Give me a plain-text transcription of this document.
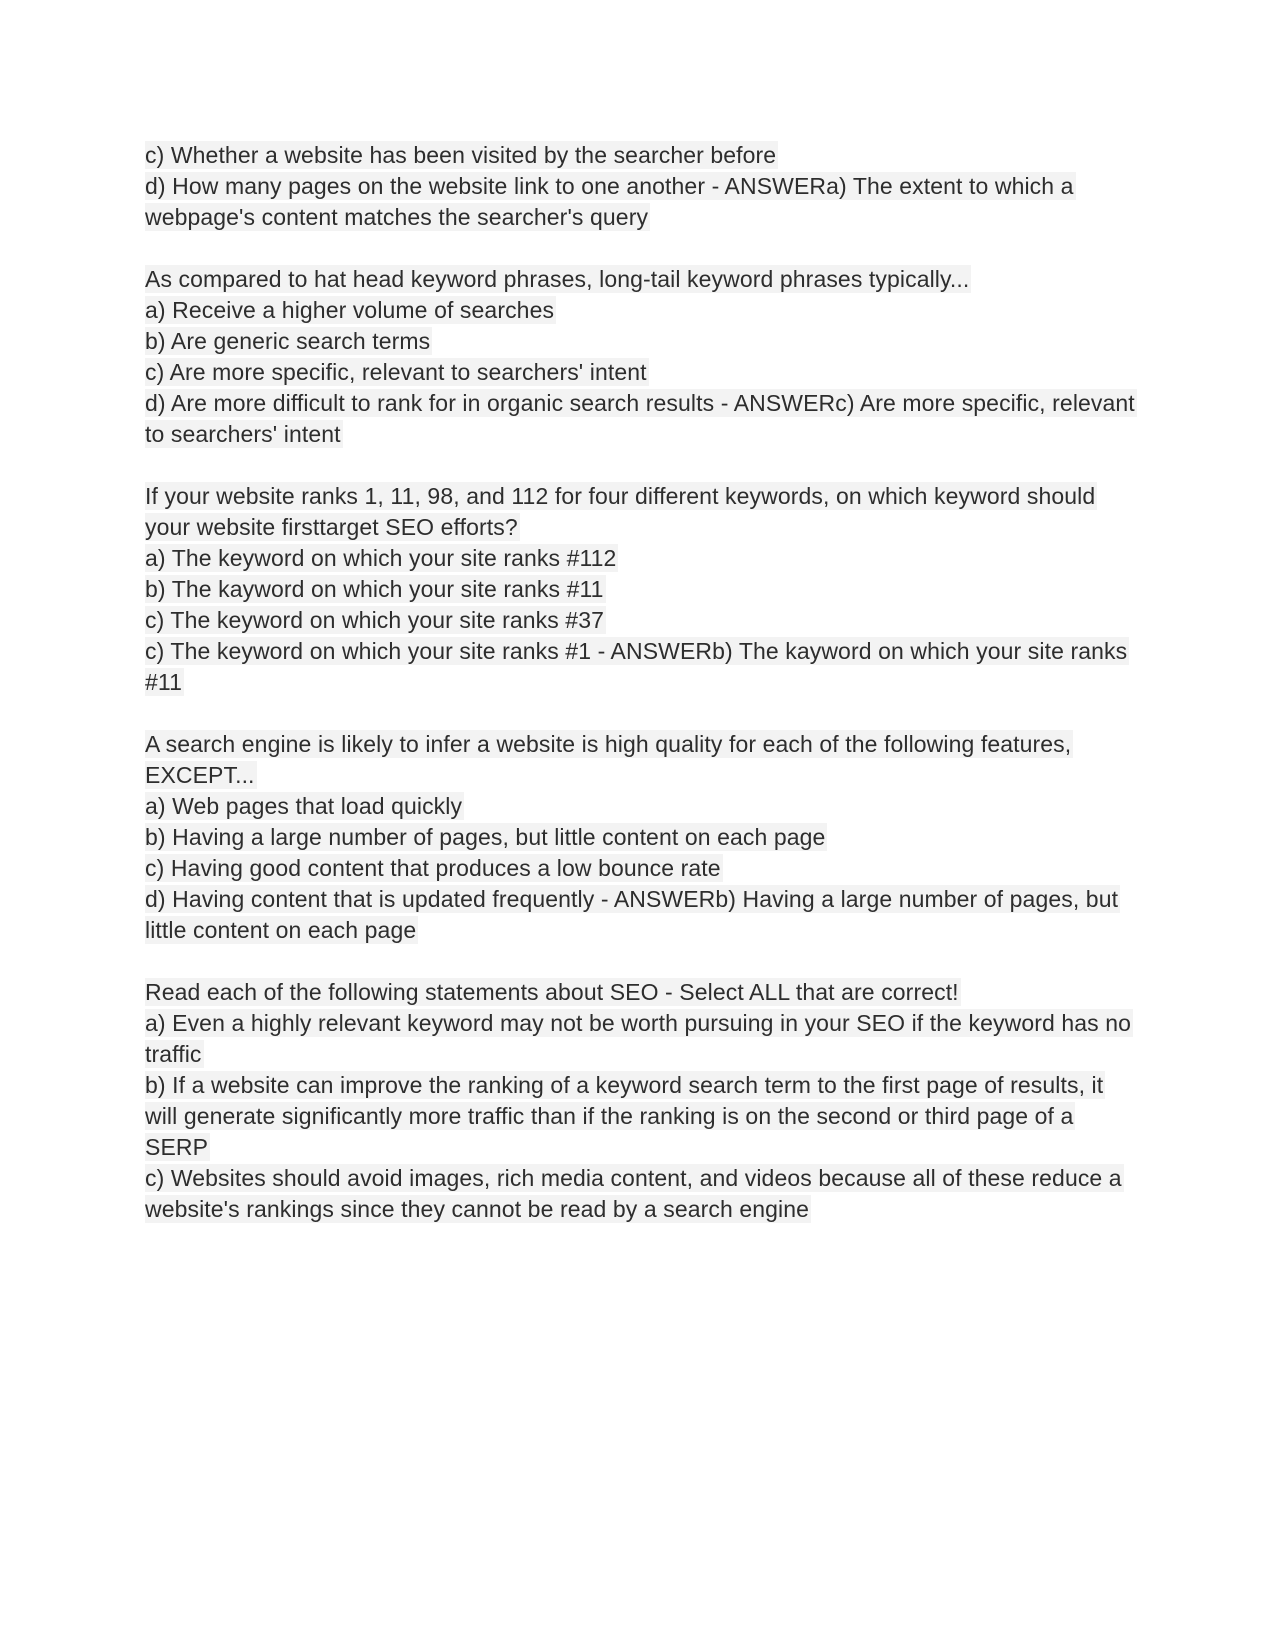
c) Whether a website has been visited by the searcher before
d) How many pages on the website link to one another - ANSWERa) The extent to which a webpage's content matches the searcher's query
As compared to hat head keyword phrases, long-tail keyword phrases typically...
a) Receive a higher volume of searches
b) Are generic search terms
c) Are more specific, relevant to searchers' intent
d) Are more difficult to rank for in organic search results - ANSWERc) Are more specific, relevant to searchers' intent
If your website ranks 1, 11, 98, and 112 for four different keywords, on which keyword should your website firsttarget SEO efforts?
a) The keyword on which your site ranks #112
b) The kayword on which your site ranks #11
c) The keyword on which your site ranks #37
c) The keyword on which your site ranks #1 - ANSWERb) The kayword on which your site ranks #11
A search engine is likely to infer a website is high quality for each of the following features, EXCEPT...
a) Web pages that load quickly
b) Having a large number of pages, but little content on each page
c) Having good content that produces a low bounce rate
d) Having content that is updated frequently - ANSWERb) Having a large number of pages, but little content on each page
Read each of the following statements about SEO - Select ALL that are correct!
a) Even a highly relevant keyword may not be worth pursuing in your SEO if the keyword has no traffic
b) If a website can improve the ranking of a keyword search term to the first page of results, it will generate significantly more traffic than if the ranking is on the second or third page of a SERP
c) Websites should avoid images, rich media content, and videos because all of these reduce a website's rankings since they cannot be read by a search engine
